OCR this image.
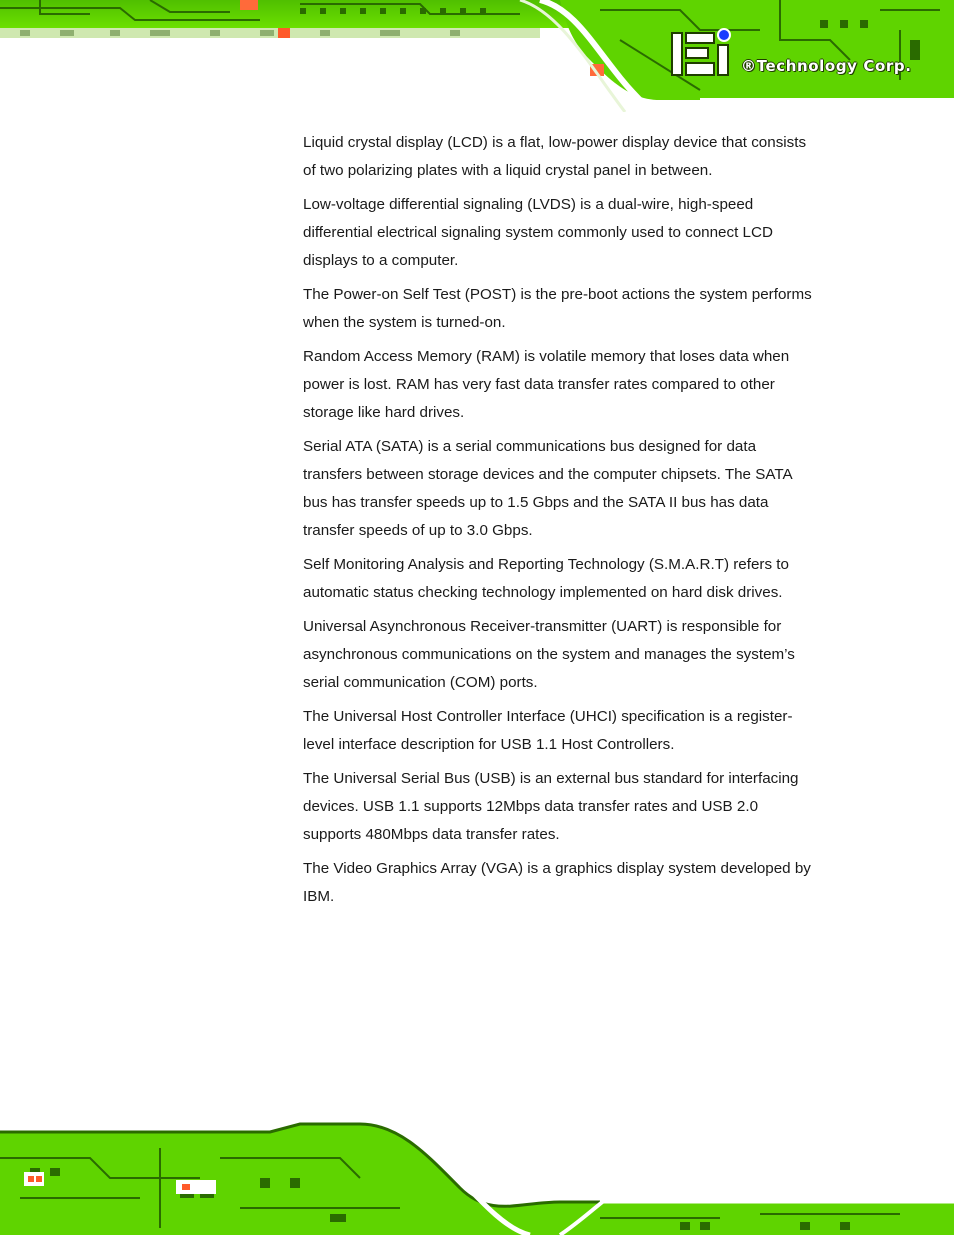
®Technology Corp.

Liquid crystal display (LCD) is a flat, low-power display device that consists of two polarizing plates with a liquid crystal panel in between.

Low-voltage differential signaling (LVDS) is a dual-wire, high-speed differential electrical signaling system commonly used to connect LCD displays to a computer.

The Power-on Self Test (POST) is the pre-boot actions the system performs when the system is turned-on.

Random Access Memory (RAM) is volatile memory that loses data when power is lost. RAM has very fast data transfer rates compared to other storage like hard drives.

Serial ATA (SATA) is a serial communications bus designed for data transfers between storage devices and the computer chipsets. The SATA bus has transfer speeds up to 1.5 Gbps and the SATA II bus has data transfer speeds of up to 3.0 Gbps.

Self Monitoring Analysis and Reporting Technology (S.M.A.R.T) refers to automatic status checking technology implemented on hard disk drives.

Universal Asynchronous Receiver-transmitter (UART) is responsible for asynchronous communications on the system and manages the system’s serial communication (COM) ports.

The Universal Host Controller Interface (UHCI) specification is a register-level interface description for USB 1.1 Host Controllers.

The Universal Serial Bus (USB) is an external bus standard for interfacing devices. USB 1.1 supports 12Mbps data transfer rates and USB 2.0 supports 480Mbps data transfer rates.

The Video Graphics Array (VGA) is a graphics display system developed by IBM.
